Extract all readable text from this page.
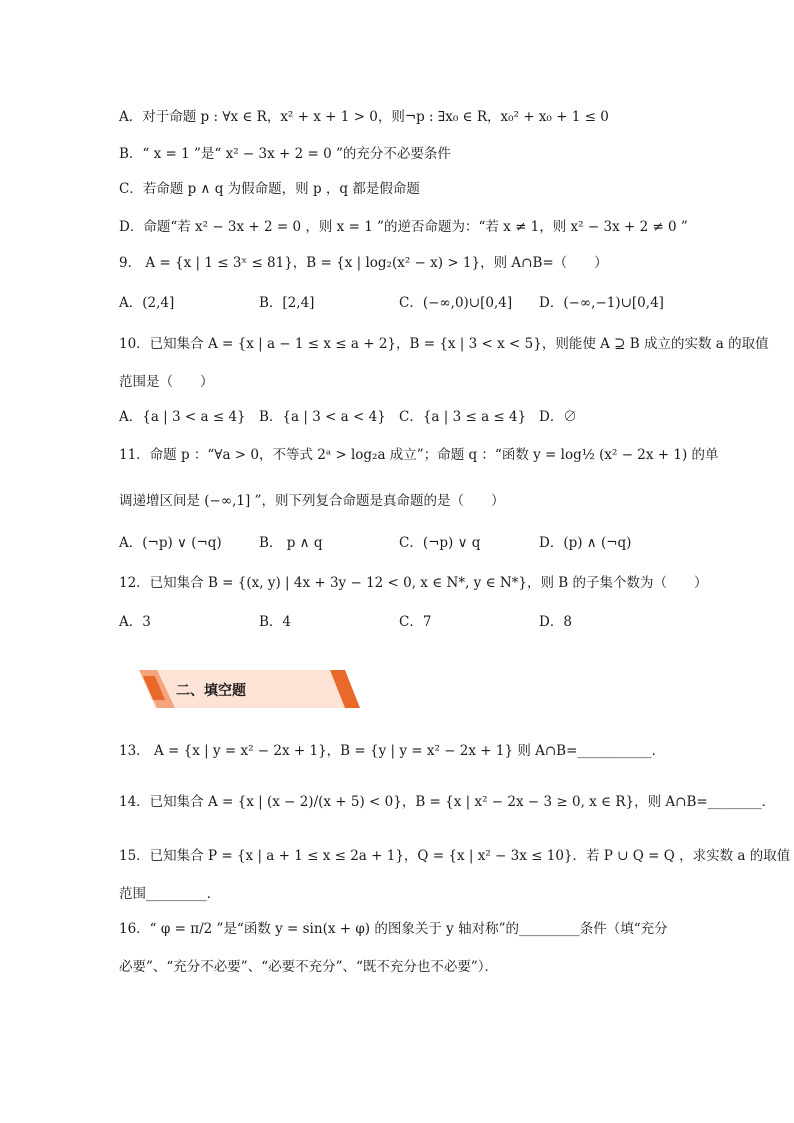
A．对于命题 p : ∀x ∈ R，x² + x + 1 > 0，则¬p : ∃x₀ ∈ R，x₀² + x₀ + 1 ≤ 0
B．“ x = 1 ”是“ x² − 3x + 2 = 0 ”的充分不必要条件
C．若命题 p ∧ q 为假命题，则 p ，q 都是假命题
D．命题“若 x² − 3x + 2 = 0 ，则 x = 1 ”的逆否命题为：“若 x ≠ 1，则 x² − 3x + 2 ≠ 0 ”
9． A = {x | 1 ≤ 3ˣ ≤ 81}，B = {x | log₂(x² − x) > 1}，则 A∩B=（　　）
A．(2,4]	B．[2,4]	C．(−∞,0)∪[0,4] D．(−∞,−1)∪[0,4]
10．已知集合 A = {x | a − 1 ≤ x ≤ a + 2}，B = {x | 3 < x < 5}，则能使 A ⊇ B 成立的实数 a 的取值
范围是（　　）
A．{a | 3 < a ≤ 4} B．{a | 3 < a < 4} C．{a | 3 ≤ a ≤ 4} D．∅
11．命题 p ：“∀a > 0，不等式 2ᵃ > log₂a 成立”；命题 q ：“函数 y = log½ (x² − 2x + 1) 的单
调递增区间是 (−∞,1] ”，则下列复合命题是真命题的是（　　）
A．(¬p) ∨ (¬q)	B． p ∧ q	C．(¬p) ∨ q	D．(p) ∧ (¬q)
12．已知集合 B = {(x, y) | 4x + 3y − 12 < 0, x ∈ N*, y ∈ N*}，则 B 的子集个数为（　　）
A．3	B．4	C．7	D．8
二、填空题
13． A = {x | y = x² − 2x + 1}，B = {y | y = x² − 2x + 1} 则 A∩B=___________．
14．已知集合 A = {x | (x − 2)/(x + 5) < 0}，B = {x | x² − 2x − 3 ≥ 0, x ∈ R}，则 A∩B=________．
15．已知集合 P = {x | a + 1 ≤ x ≤ 2a + 1}，Q = {x | x² − 3x ≤ 10}．若 P ∪ Q = Q ，求实数 a 的取值
范围_________．
16．“ φ = π/2 ”是“函数 y = sin(x + φ) 的图象关于 y 轴对称”的_________条件（填“充分
必要”、“充分不必要”、“必要不充分”、“既不充分也不必要”）．
